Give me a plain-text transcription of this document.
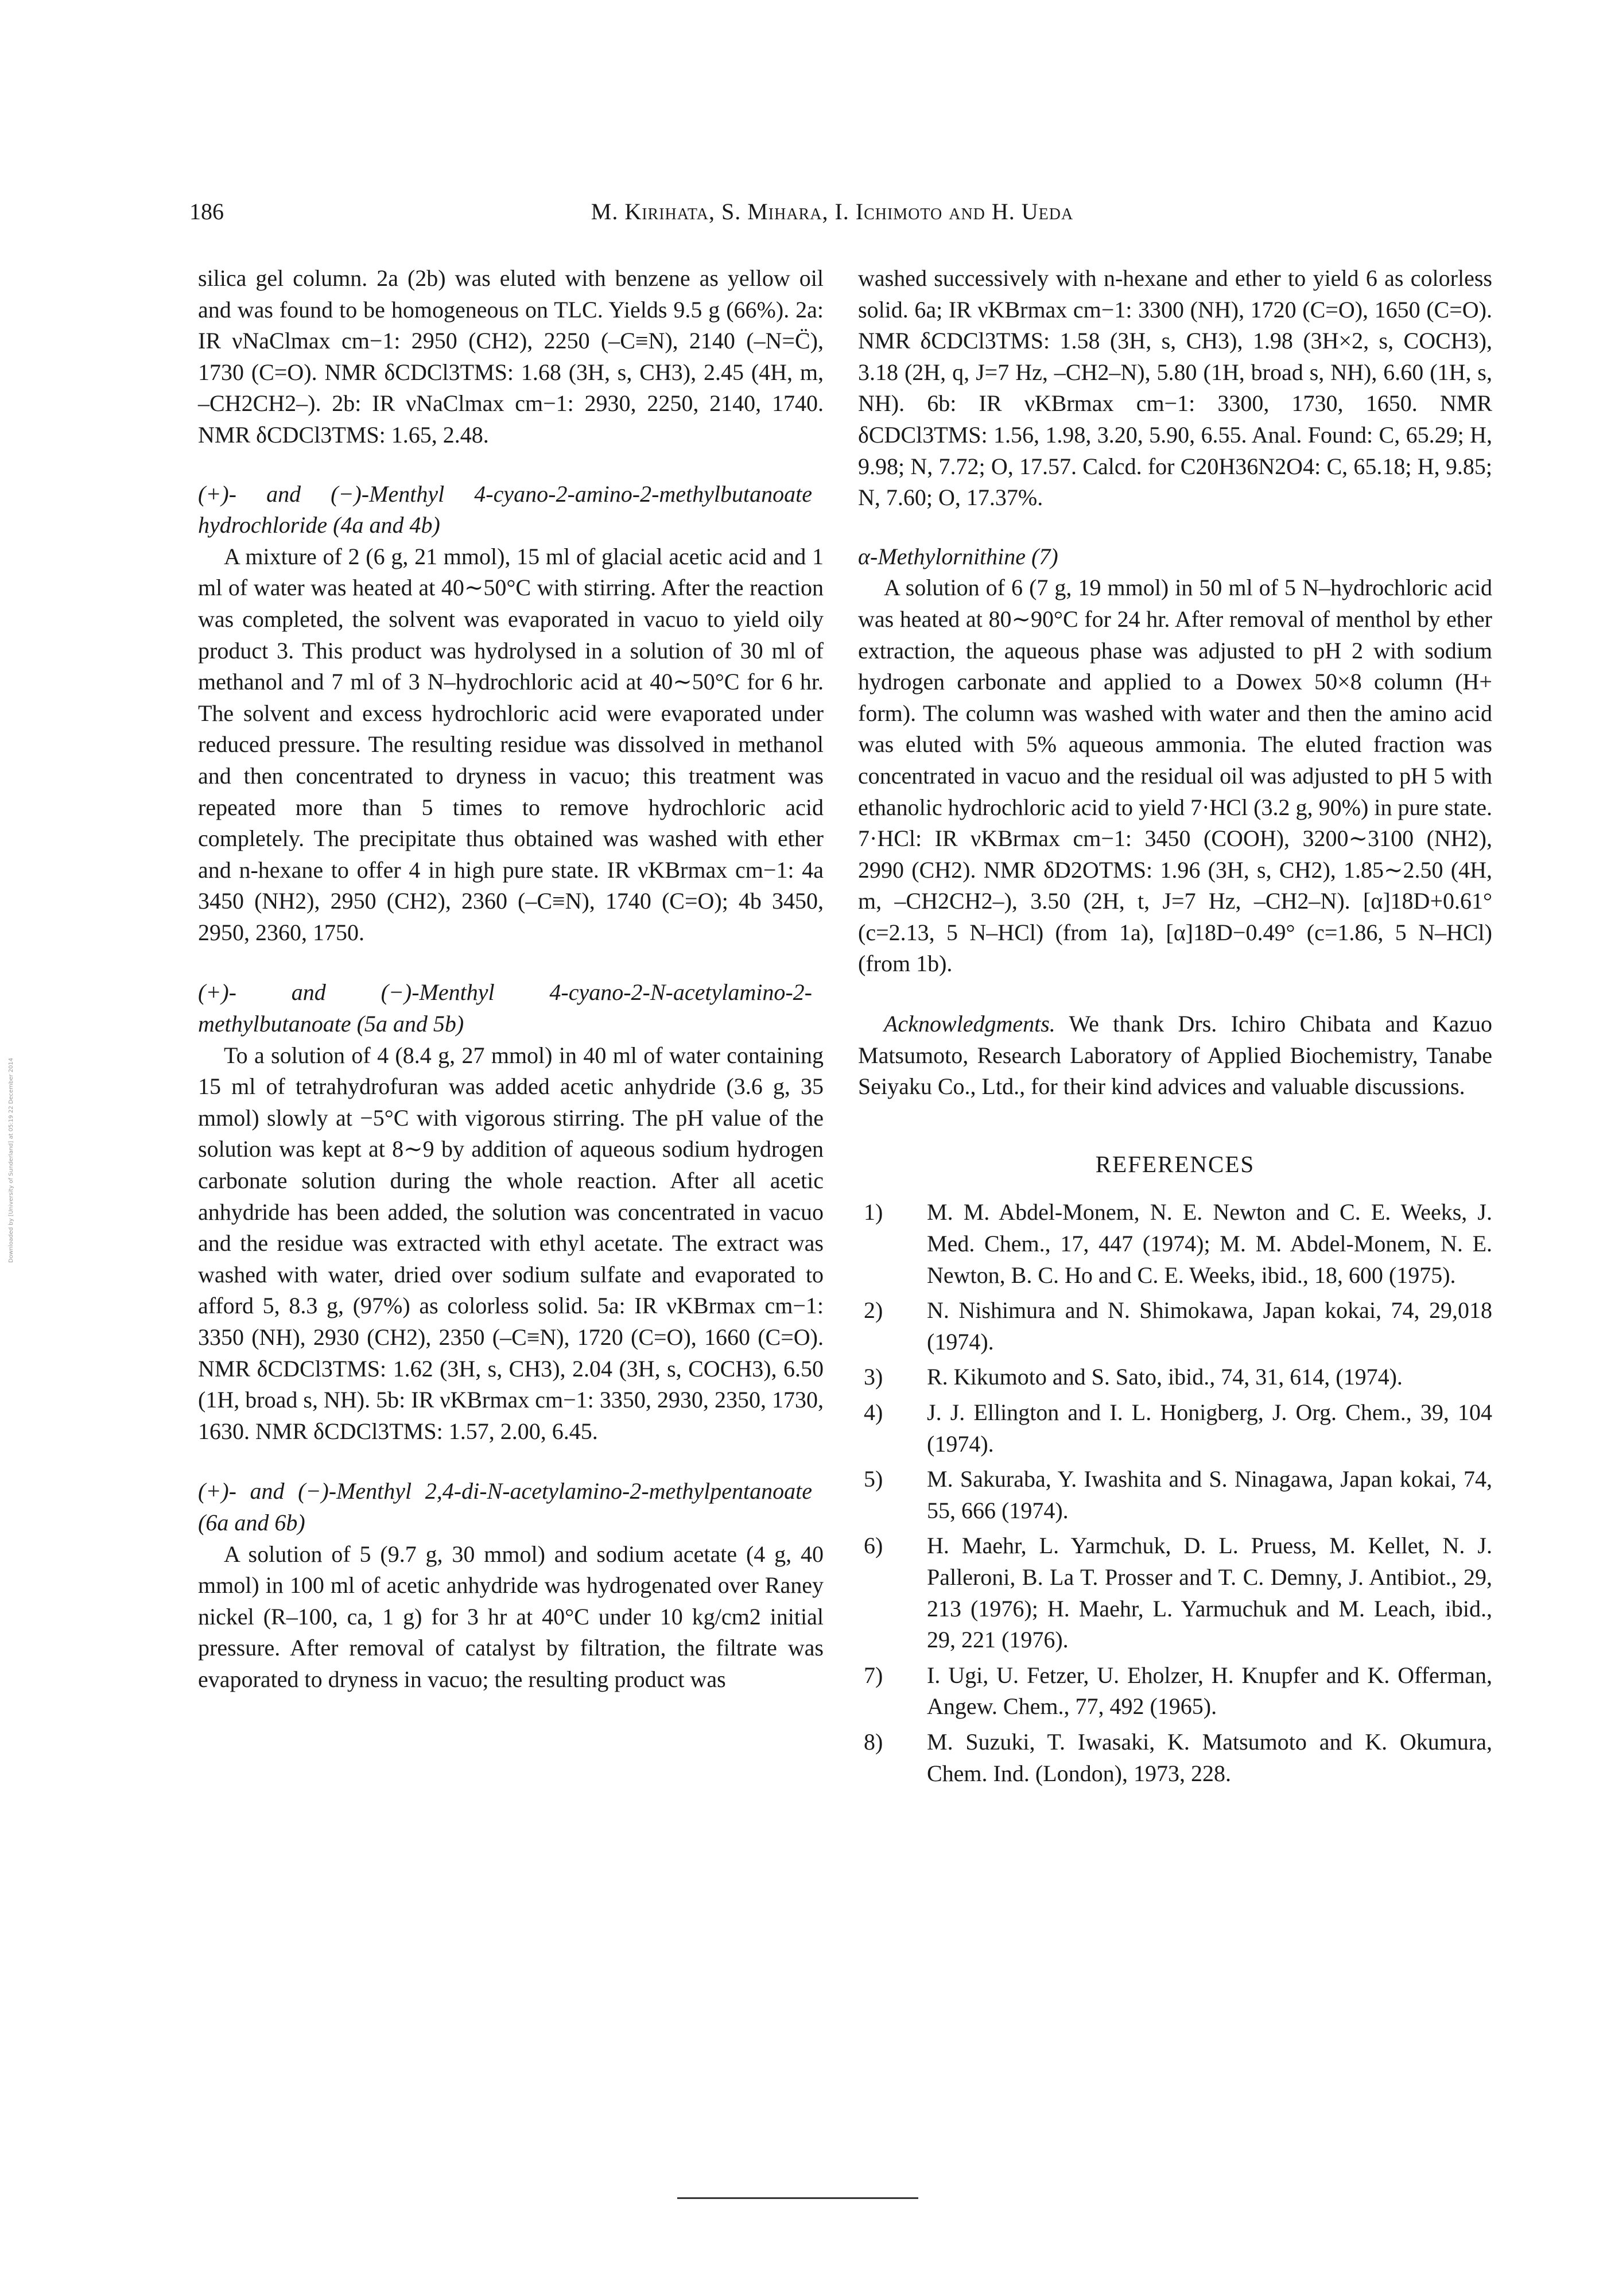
186	M. Kirihata, S. Mihara, I. Ichimoto and H. Ueda
Downloaded by [University of Sunderland] at 05:19 22 December 2014

silica gel column. 2a (2b) was eluted with benzene as yellow oil and was found to be homogeneous on TLC. Yields 9.5 g (66%). 2a: IR νNaClmax cm−1: 2950 (CH2), 2250 (–C≡N), 2140 (–N=C̈), 1730 (C=O). NMR δCDCl3TMS: 1.68 (3H, s, CH3), 2.45 (4H, m, –CH2CH2–). 2b: IR νNaClmax cm−1: 2930, 2250, 2140, 1740. NMR δCDCl3TMS: 1.65, 2.48.

(+)- and (−)-Menthyl 4-cyano-2-amino-2-methylbutanoate hydrochloride (4a and 4b)

A mixture of 2 (6 g, 21 mmol), 15 ml of glacial acetic acid and 1 ml of water was heated at 40∼50°C with stirring. After the reaction was completed, the solvent was evaporated in vacuo to yield oily product 3. This product was hydrolysed in a solution of 30 ml of methanol and 7 ml of 3 N–hydrochloric acid at 40∼50°C for 6 hr. The solvent and excess hydrochloric acid were evaporated under reduced pressure. The resulting residue was dissolved in methanol and then concentrated to dryness in vacuo; this treatment was repeated more than 5 times to remove hydrochloric acid completely. The precipitate thus obtained was washed with ether and n-hexane to offer 4 in high pure state. IR νKBrmax cm−1: 4a 3450 (NH2), 2950 (CH2), 2360 (–C≡N), 1740 (C=O); 4b 3450, 2950, 2360, 1750.

(+)- and (−)-Menthyl 4-cyano-2-N-acetylamino-2-methylbutanoate (5a and 5b)

To a solution of 4 (8.4 g, 27 mmol) in 40 ml of water containing 15 ml of tetrahydrofuran was added acetic anhydride (3.6 g, 35 mmol) slowly at −5°C with vigorous stirring. The pH value of the solution was kept at 8∼9 by addition of aqueous sodium hydrogen carbonate solution during the whole reaction. After all acetic anhydride has been added, the solution was concentrated in vacuo and the residue was extracted with ethyl acetate. The extract was washed with water, dried over sodium sulfate and evaporated to afford 5, 8.3 g, (97%) as colorless solid. 5a: IR νKBrmax cm−1: 3350 (NH), 2930 (CH2), 2350 (–C≡N), 1720 (C=O), 1660 (C=O). NMR δCDCl3TMS: 1.62 (3H, s, CH3), 2.04 (3H, s, COCH3), 6.50 (1H, broad s, NH). 5b: IR νKBrmax cm−1: 3350, 2930, 2350, 1730, 1630. NMR δCDCl3TMS: 1.57, 2.00, 6.45.

(+)- and (−)-Menthyl 2,4-di-N-acetylamino-2-methylpentanoate (6a and 6b)

A solution of 5 (9.7 g, 30 mmol) and sodium acetate (4 g, 40 mmol) in 100 ml of acetic anhydride was hydrogenated over Raney nickel (R–100, ca, 1 g) for 3 hr at 40°C under 10 kg/cm2 initial pressure. After removal of catalyst by filtration, the filtrate was evaporated to dryness in vacuo; the resulting product was

washed successively with n-hexane and ether to yield 6 as colorless solid. 6a; IR νKBrmax cm−1: 3300 (NH), 1720 (C=O), 1650 (C=O). NMR δCDCl3TMS: 1.58 (3H, s, CH3), 1.98 (3H×2, s, COCH3), 3.18 (2H, q, J=7 Hz, –CH2–N), 5.80 (1H, broad s, NH), 6.60 (1H, s, NH). 6b: IR νKBrmax cm−1: 3300, 1730, 1650. NMR δCDCl3TMS: 1.56, 1.98, 3.20, 5.90, 6.55. Anal. Found: C, 65.29; H, 9.98; N, 7.72; O, 17.57. Calcd. for C20H36N2O4: C, 65.18; H, 9.85; N, 7.60; O, 17.37%.

α-Methylornithine (7)

A solution of 6 (7 g, 19 mmol) in 50 ml of 5 N–hydrochloric acid was heated at 80∼90°C for 24 hr. After removal of menthol by ether extraction, the aqueous phase was adjusted to pH 2 with sodium hydrogen carbonate and applied to a Dowex 50×8 column (H+ form). The column was washed with water and then the amino acid was eluted with 5% aqueous ammonia. The eluted fraction was concentrated in vacuo and the residual oil was adjusted to pH 5 with ethanolic hydrochloric acid to yield 7·HCl (3.2 g, 90%) in pure state. 7·HCl: IR νKBrmax cm−1: 3450 (COOH), 3200∼3100 (NH2), 2990 (CH2). NMR δD2OTMS: 1.96 (3H, s, CH2), 1.85∼2.50 (4H, m, –CH2CH2–), 3.50 (2H, t, J=7 Hz, –CH2–N). [α]18D+0.61° (c=2.13, 5 N–HCl) (from 1a), [α]18D−0.49° (c=1.86, 5 N–HCl) (from 1b).

Acknowledgments. We thank Drs. Ichiro Chibata and Kazuo Matsumoto, Research Laboratory of Applied Biochemistry, Tanabe Seiyaku Co., Ltd., for their kind advices and valuable discussions.

REFERENCES
1)	M. M. Abdel-Monem, N. E. Newton and C. E. Weeks, J. Med. Chem., 17, 447 (1974); M. M. Abdel-Monem, N. E. Newton, B. C. Ho and C. E. Weeks, ibid., 18, 600 (1975).
2)	N. Nishimura and N. Shimokawa, Japan kokai, 74, 29,018 (1974).
3)	R. Kikumoto and S. Sato, ibid., 74, 31, 614, (1974).
4)	J. J. Ellington and I. L. Honigberg, J. Org. Chem., 39, 104 (1974).
5)	M. Sakuraba, Y. Iwashita and S. Ninagawa, Japan kokai, 74, 55, 666 (1974).
6)	H. Maehr, L. Yarmchuk, D. L. Pruess, M. Kellet, N. J. Palleroni, B. La T. Prosser and T. C. Demny, J. Antibiot., 29, 213 (1976); H. Maehr, L. Yarmuchuk and M. Leach, ibid., 29, 221 (1976).
7)	I. Ugi, U. Fetzer, U. Eholzer, H. Knupfer and K. Offerman, Angew. Chem., 77, 492 (1965).
8)	M. Suzuki, T. Iwasaki, K. Matsumoto and K. Okumura, Chem. Ind. (London), 1973, 228.
